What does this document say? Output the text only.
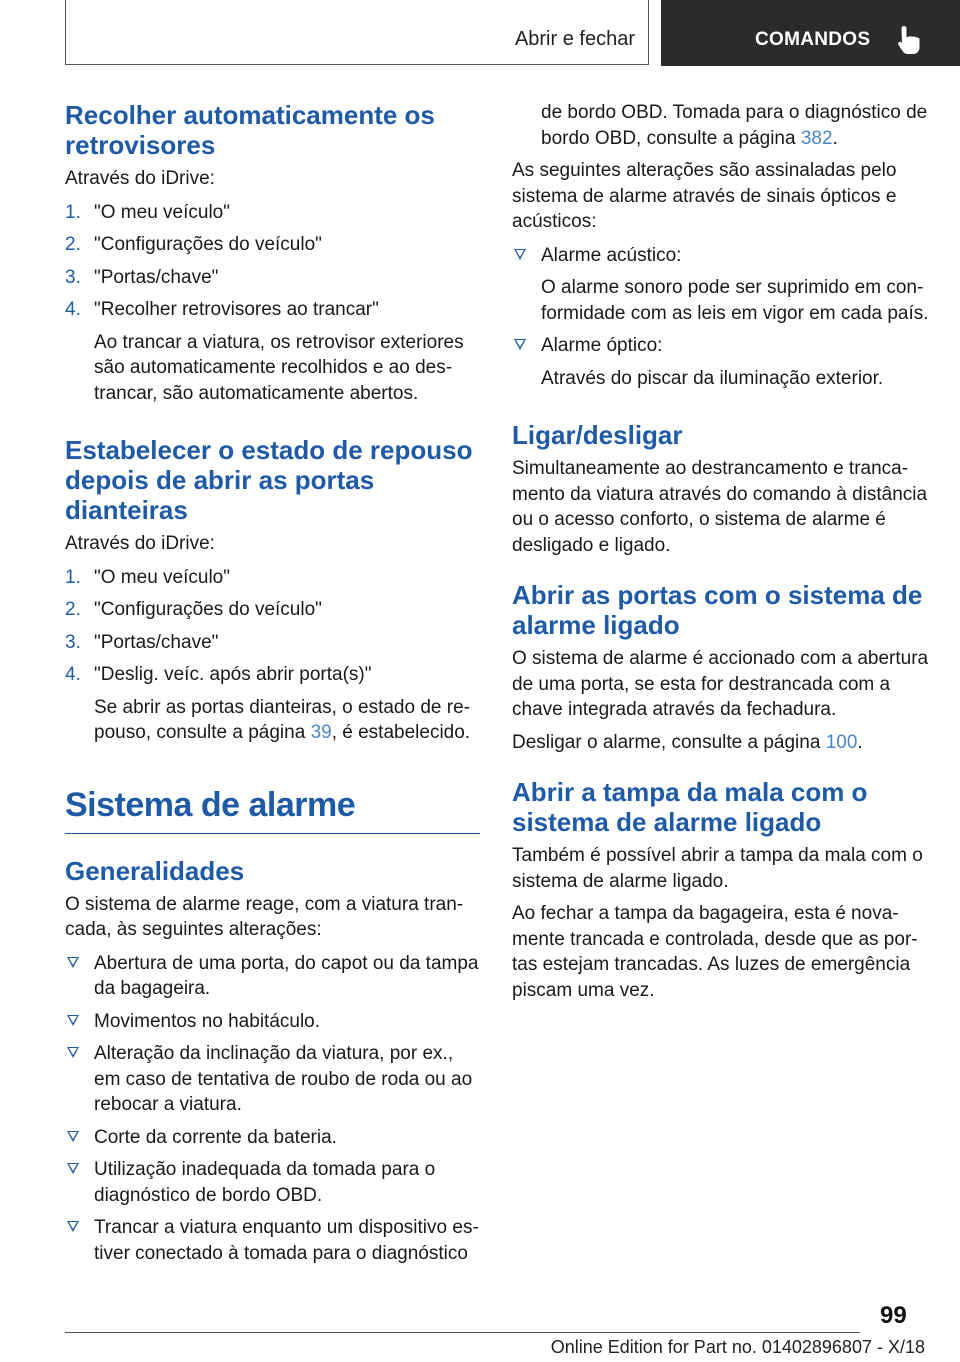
Abrir e fechar	COMANDOS
Recolher automaticamente os retrovisores

Através do iDrive:

1. "O meu veículo"
2. "Configurações do veículo"
3. "Portas/chave"
4. "Recolher retrovisores ao trancar"
Ao trancar a viatura, os retrovisor exteriores são automaticamente recolhidos e ao destrancar, são automaticamente abertos.
Estabelecer o estado de repouso depois de abrir as portas dianteiras

Através do iDrive:

1. "O meu veículo"
2. "Configurações do veículo"
3. "Portas/chave"
4. "Deslig. veíc. após abrir porta(s)"
Se abrir as portas dianteiras, o estado de repouso, consulte a página 39, é estabelecido.
Sistema de alarme
Generalidades

O sistema de alarme reage, com a viatura trancada, às seguintes alterações:

Abertura de uma porta, do capot ou da tampa da bagageira.
Movimentos no habitáculo.
Alteração da inclinação da viatura, por ex., em caso de tentativa de roubo de roda ou ao rebocar a viatura.
Corte da corrente da bateria.
Utilização inadequada da tomada para o diagnóstico de bordo OBD.
Trancar a viatura enquanto um dispositivo estiver conectado à tomada para o diagnóstico

de bordo OBD. Tomada para o diagnóstico de bordo OBD, consulte a página 382.

As seguintes alterações são assinaladas pelo sistema de alarme através de sinais ópticos e acústicos:

Alarme acústico:
O alarme sonoro pode ser suprimido em conformidade com as leis em vigor em cada país.
Alarme óptico:
Através do piscar da iluminação exterior.
Ligar/desligar

Simultaneamente ao destrancamento e trancamento da viatura através do comando à distância ou o acesso conforto, o sistema de alarme é desligado e ligado.

Abrir as portas com o sistema de alarme ligado

O sistema de alarme é accionado com a abertura de uma porta, se esta for destrancada com a chave integrada através da fechadura.

Desligar o alarme, consulte a página 100.

Abrir a tampa da mala com o sistema de alarme ligado

Também é possível abrir a tampa da mala com o sistema de alarme ligado.

Ao fechar a tampa da bagageira, esta é novamente trancada e controlada, desde que as portas estejam trancadas. As luzes de emergência piscam uma vez.

99
Online Edition for Part no. 01402896807 - X/18
